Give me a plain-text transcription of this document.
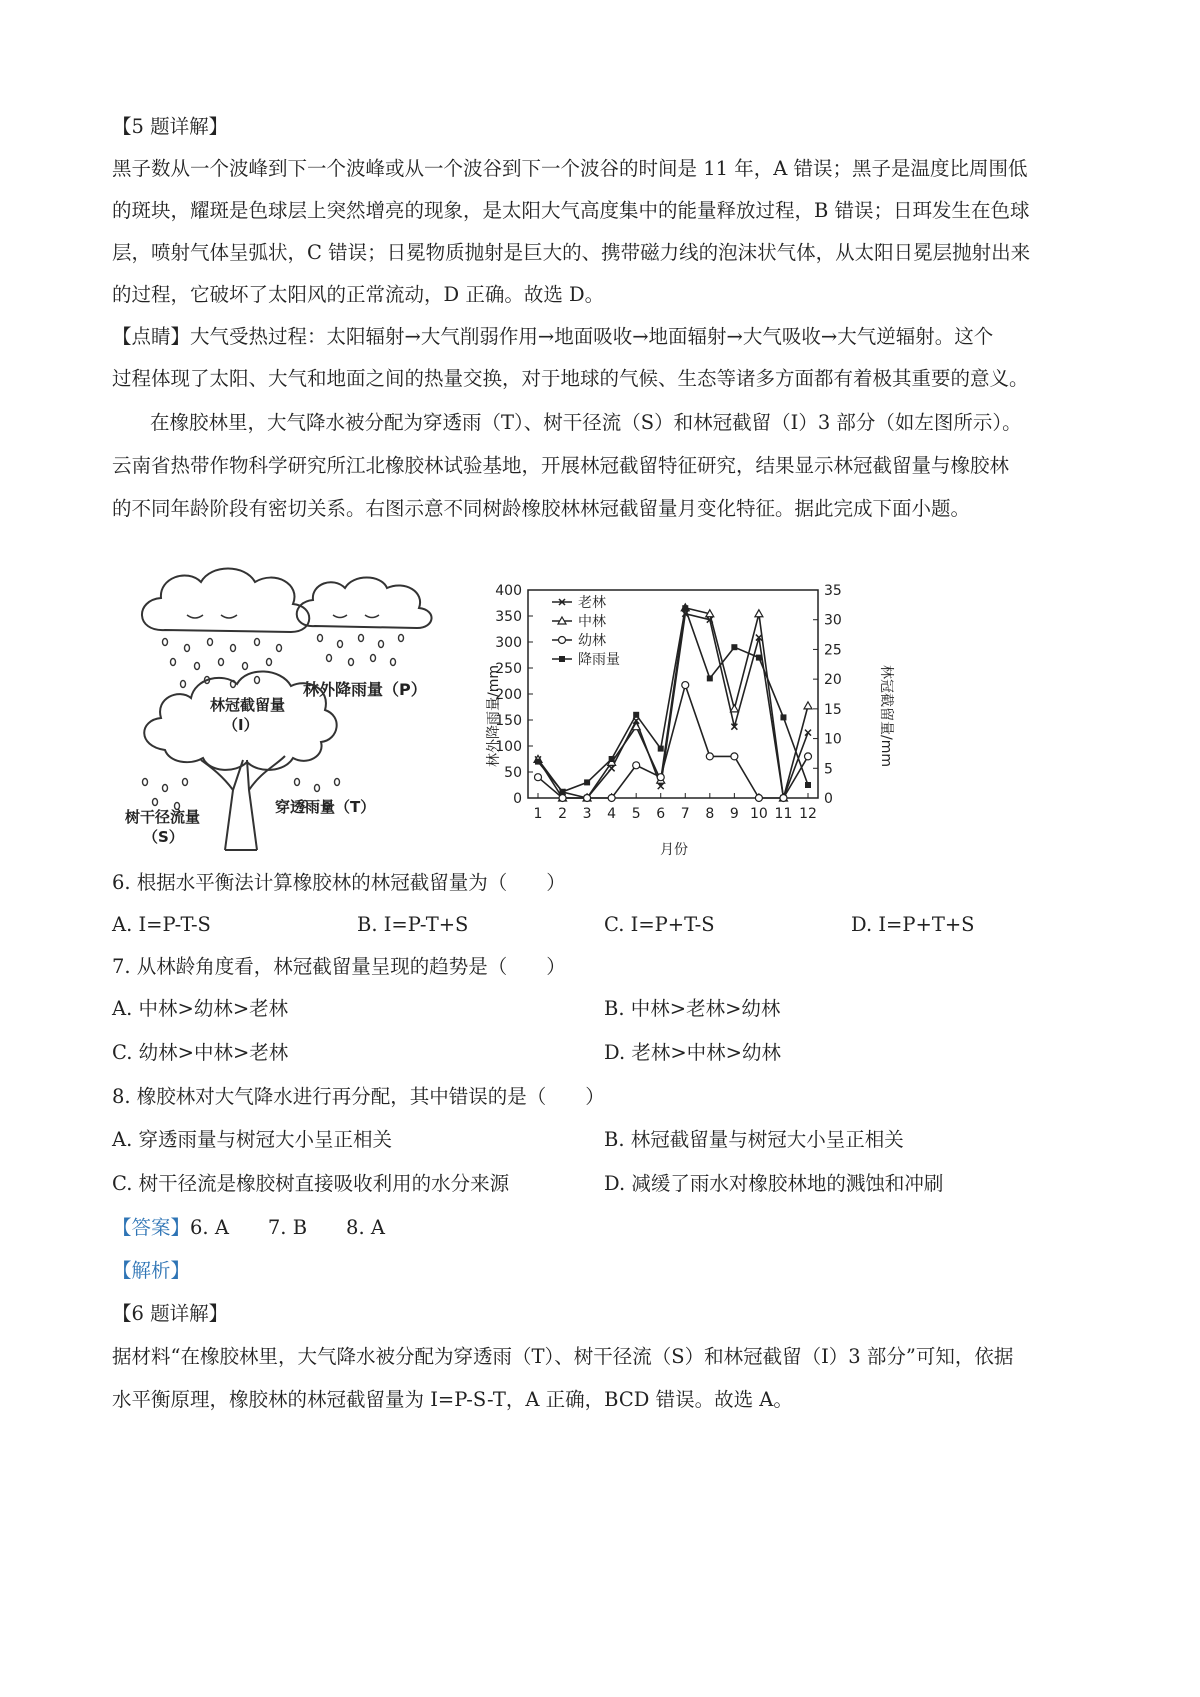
【5 题详解】
黑子数从一个波峰到下一个波峰或从一个波谷到下一个波谷的时间是 11 年，A 错误；黑子是温度比周围低
的斑块，耀斑是色球层上突然增亮的现象，是太阳大气高度集中的能量释放过程，B 错误；日珥发生在色球
层，喷射气体呈弧状，C 错误；日冕物质抛射是巨大的、携带磁力线的泡沫状气体，从太阳日冕层抛射出来
的过程，它破坏了太阳风的正常流动，D 正确。故选 D。
【点睛】大气受热过程：太阳辐射→大气削弱作用→地面吸收→地面辐射→大气吸收→大气逆辐射。这个
过程体现了太阳、大气和地面之间的热量交换，对于地球的气候、生态等诸多方面都有着极其重要的意义。
在橡胶林里，大气降水被分配为穿透雨（T）、树干径流（S）和林冠截留（I）3 部分（如左图所示）。
云南省热带作物科学研究所江北橡胶林试验基地，开展林冠截留特征研究，结果显示林冠截留量与橡胶林
的不同年龄阶段有密切关系。右图示意不同树龄橡胶林林冠截留量月变化特征。据此完成下面小题。
林外降雨量（P）
林冠截留量
（I）
树干径流量
（S）
穿透雨量（T）	0
50
100
150
200
250
300
350
400
0
5
10
15
20
25
30
35
1 2 3 4 5 6 7 8 9 10 11 12
老林
中林
幼林
降雨量
月份
林外降雨量/mm	林冠截留量/mm
6. 根据水平衡法计算橡胶林的林冠截留量为（　　）
A. I=P-T-S	B. I=P-T+S	C. I=P+T-S	D. I=P+T+S
7. 从林龄角度看，林冠截留量呈现的趋势是（　　）
A. 中林>幼林>老林	B. 中林>老林>幼林
C. 幼林>中林>老林	D. 老林>中林>幼林
8. 橡胶林对大气降水进行再分配，其中错误的是（　　）
A. 穿透雨量与树冠大小呈正相关	B. 林冠截留量与树冠大小呈正相关
C. 树干径流是橡胶树直接吸收利用的水分来源	D. 减缓了雨水对橡胶林地的溅蚀和冲刷
【答案】6. A　　7. B　　8. A
【解析】
【6 题详解】
据材料“在橡胶林里，大气降水被分配为穿透雨（T）、树干径流（S）和林冠截留（I）3 部分”可知，依据
水平衡原理，橡胶林的林冠截留量为 I=P-S-T，A 正确，BCD 错误。故选 A。
